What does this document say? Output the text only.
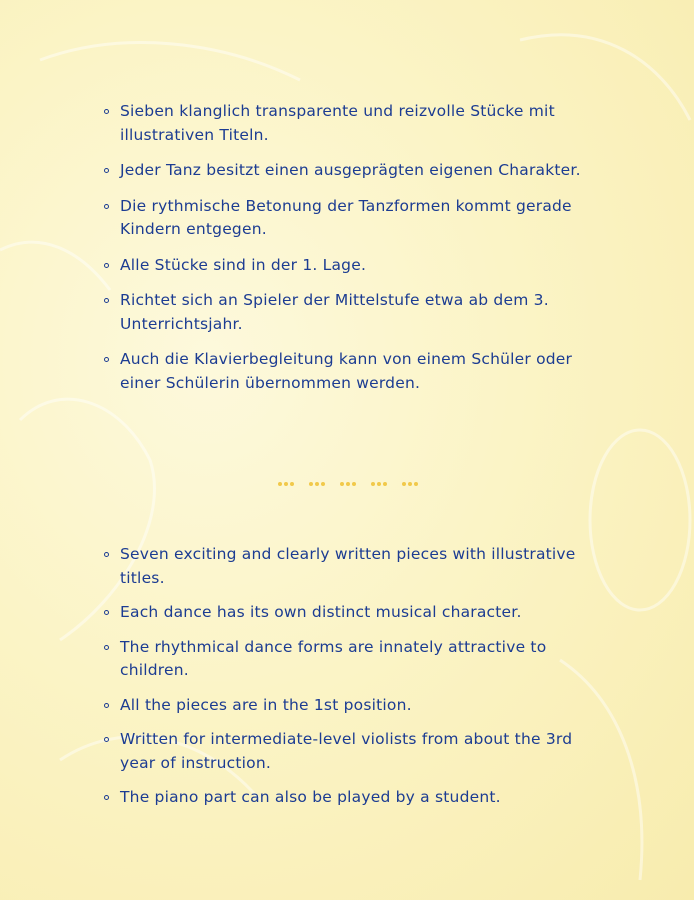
Sieben klanglich transparente und reizvolle Stücke mit illustrativen Titeln.
Jeder Tanz besitzt einen ausgeprägten eigenen Charakter.
Die rythmische Betonung der Tanzformen kommt gerade Kindern entgegen.
Alle Stücke sind in der 1. Lage.
Richtet sich an Spieler der Mittelstufe etwa ab dem 3. Unterrichtsjahr.
Auch die Klavierbegleitung kann von einem Schüler oder einer Schülerin übernommen werden.
Seven exciting and clearly written pieces with illustrative titles.
Each dance has its own distinct musical character.
The rhythmical dance forms are innately attractive to children.
All the pieces are in the 1st position.
Written for intermediate-level violists from about the 3rd year of instruction.
The piano part can also be played by a student.
